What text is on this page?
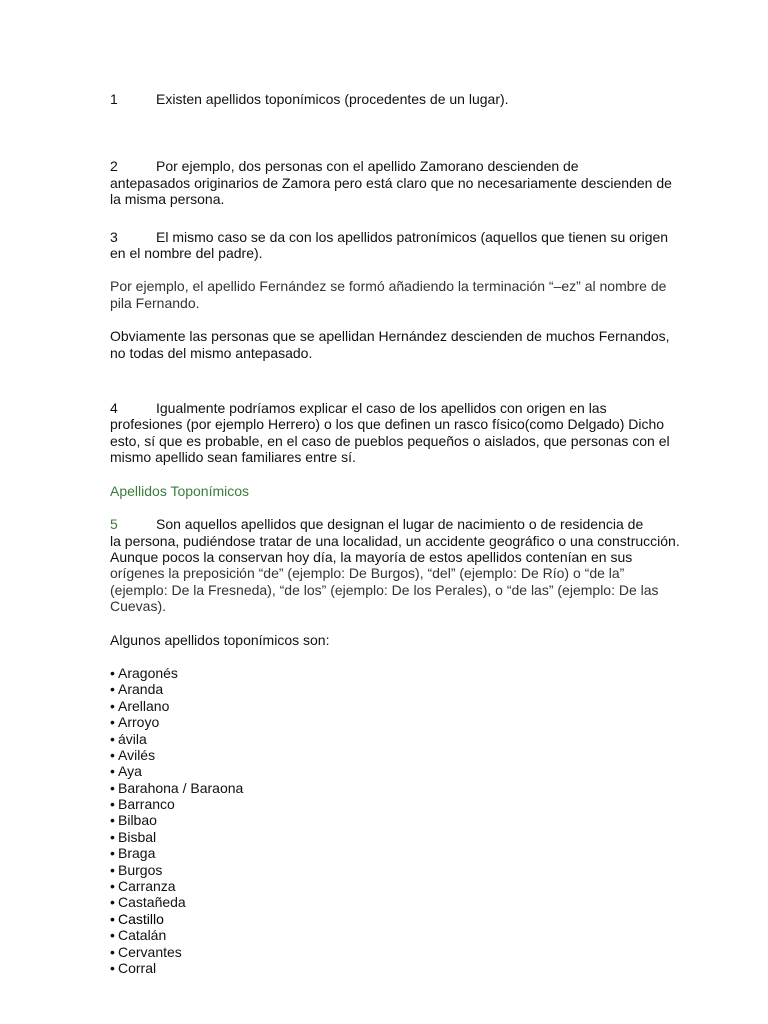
1	Existen apellidos toponímicos (procedentes de un lugar).

2	Por ejemplo, dos personas con el apellido Zamorano descienden de
antepasados originarios de Zamora pero está claro que no necesariamente descienden de la misma persona.

3	El mismo caso se da con los apellidos patronímicos (aquellos que tienen su origen
en el nombre del padre).

Por ejemplo, el apellido Fernández se formó añadiendo la terminación “–ez” al nombre de pila Fernando.

Obviamente las personas que se apellidan Hernández descienden de muchos Fernandos, no todas del mismo antepasado.

4	Igualmente podríamos explicar el caso de los apellidos con origen en las
profesiones (por ejemplo Herrero) o los que definen un rasco físico(como Delgado) Dicho esto, sí que es probable, en el caso de pueblos pequeños o aislados, que personas con el mismo apellido sean familiares entre sí.

Apellidos Toponímicos

5	Son aquellos apellidos que designan el lugar de nacimiento o de residencia de
la persona, pudiéndose tratar de una localidad, un accidente geográfico o una construcción.
Aunque pocos la conservan hoy día, la mayoría de estos apellidos contenían en sus
orígenes la preposición “de” (ejemplo: De Burgos), “del” (ejemplo: De Río) o “de la” (ejemplo: De la Fresneda), “de los” (ejemplo: De los Perales), o “de las” (ejemplo: De las Cuevas).

Algunos apellidos toponímicos son:

• Aragonés
• Aranda
• Arellano
• Arroyo
• ávila
• Avilés
• Aya
• Barahona / Baraona
• Barranco
• Bilbao
• Bisbal
• Braga
• Burgos
• Carranza
• Castañeda
• Castillo
• Catalán
• Cervantes
• Corral
